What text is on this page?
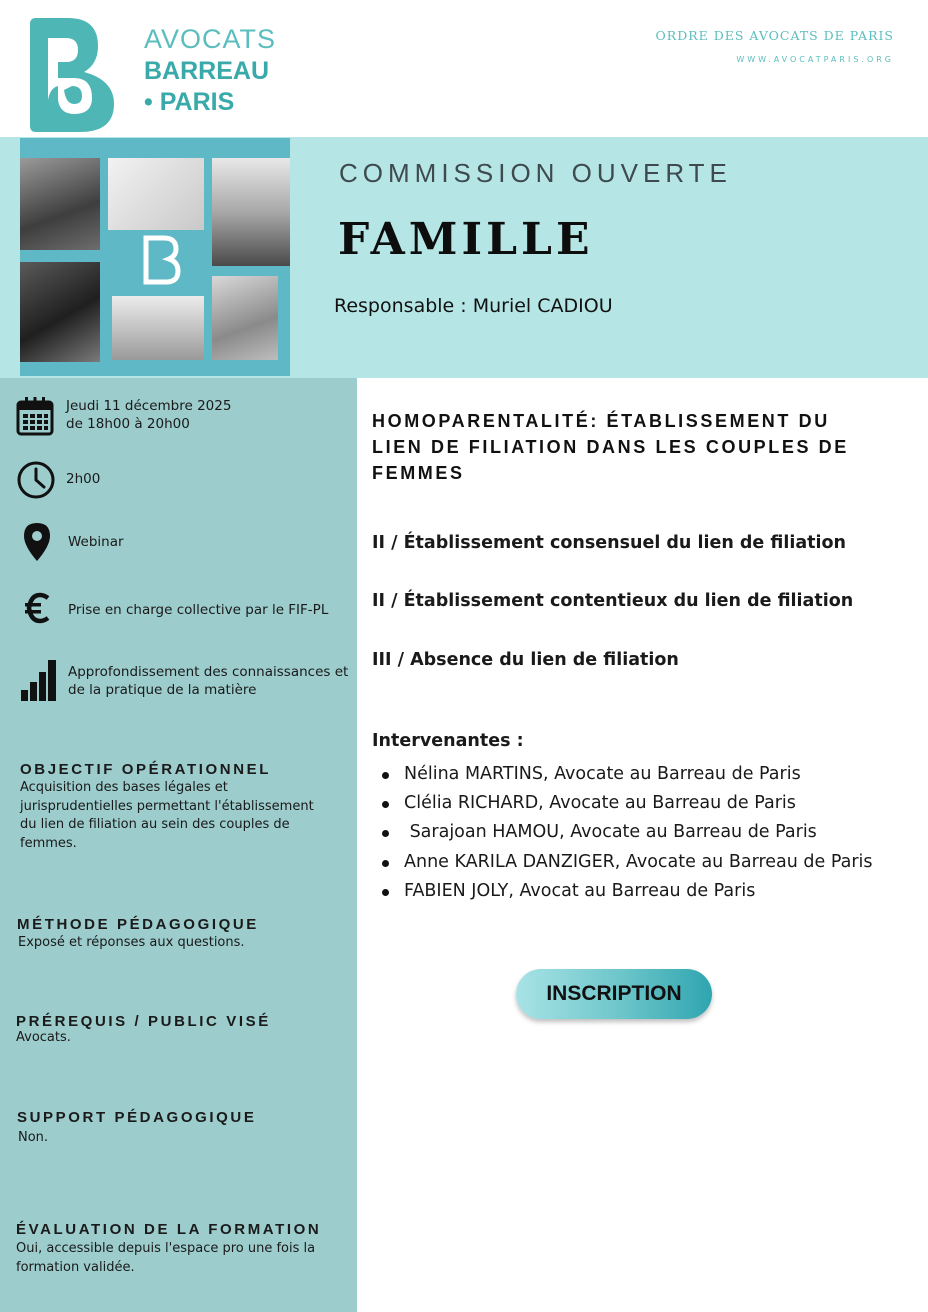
AVOCATS
BARREAU
• PARIS
ORDRE DES AVOCATS DE PARIS
WWW.AVOCATPARIS.ORG
COMMISSION OUVERTE
FAMILLE
Responsable : Muriel CADIOU
Jeudi 11 décembre 2025
de 18h00 à 20h00
2h00
Webinar
Prise en charge collective par le FIF-PL
Approfondissement des connaissances et
de la pratique de la matière
OBJECTIF OPÉRATIONNEL
Acquisition des bases légales et
jurisprudentielles permettant l'établissement
du lien de filiation au sein des couples de
femmes.
MÉTHODE PÉDAGOGIQUE
Exposé et réponses aux questions.
PRÉREQUIS / PUBLIC VISÉ
Avocats.
SUPPORT PÉDAGOGIQUE
Non.
ÉVALUATION DE LA FORMATION
Oui, accessible depuis l'espace pro une fois la
formation validée.
HOMOPARENTALITÉ: ÉTABLISSEMENT DU
LIEN DE FILIATION DANS LES COUPLES DE
FEMMES
II / Établissement consensuel du lien de filiation
II / Établissement contentieux du lien de filiation
III / Absence du lien de filiation
Intervenantes :
Nélina MARTINS, Avocate au Barreau de Paris
Clélia RICHARD, Avocate au Barreau de Paris
Sarajoan HAMOU, Avocate au Barreau de Paris
Anne KARILA DANZIGER, Avocate au Barreau de Paris
FABIEN JOLY, Avocat au Barreau de Paris
INSCRIPTION
